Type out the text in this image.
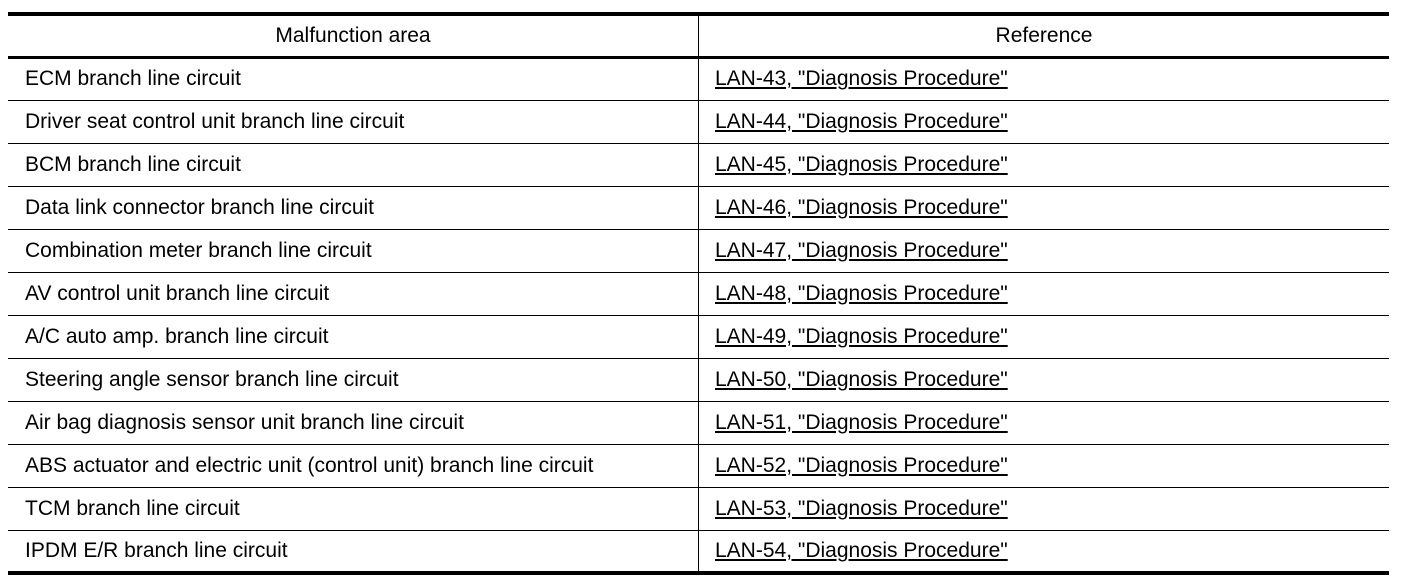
Malfunction area	Reference
ECM branch line circuit	LAN-43, "Diagnosis Procedure"
Driver seat control unit branch line circuit	LAN-44, "Diagnosis Procedure"
BCM branch line circuit	LAN-45, "Diagnosis Procedure"
Data link connector branch line circuit	LAN-46, "Diagnosis Procedure"
Combination meter branch line circuit	LAN-47, "Diagnosis Procedure"
AV control unit branch line circuit	LAN-48, "Diagnosis Procedure"
A/C auto amp. branch line circuit	LAN-49, "Diagnosis Procedure"
Steering angle sensor branch line circuit	LAN-50, "Diagnosis Procedure"
Air bag diagnosis sensor unit branch line circuit	LAN-51, "Diagnosis Procedure"
ABS actuator and electric unit (control unit) branch line circuit	LAN-52, "Diagnosis Procedure"
TCM branch line circuit	LAN-53, "Diagnosis Procedure"
IPDM E/R branch line circuit	LAN-54, "Diagnosis Procedure"
